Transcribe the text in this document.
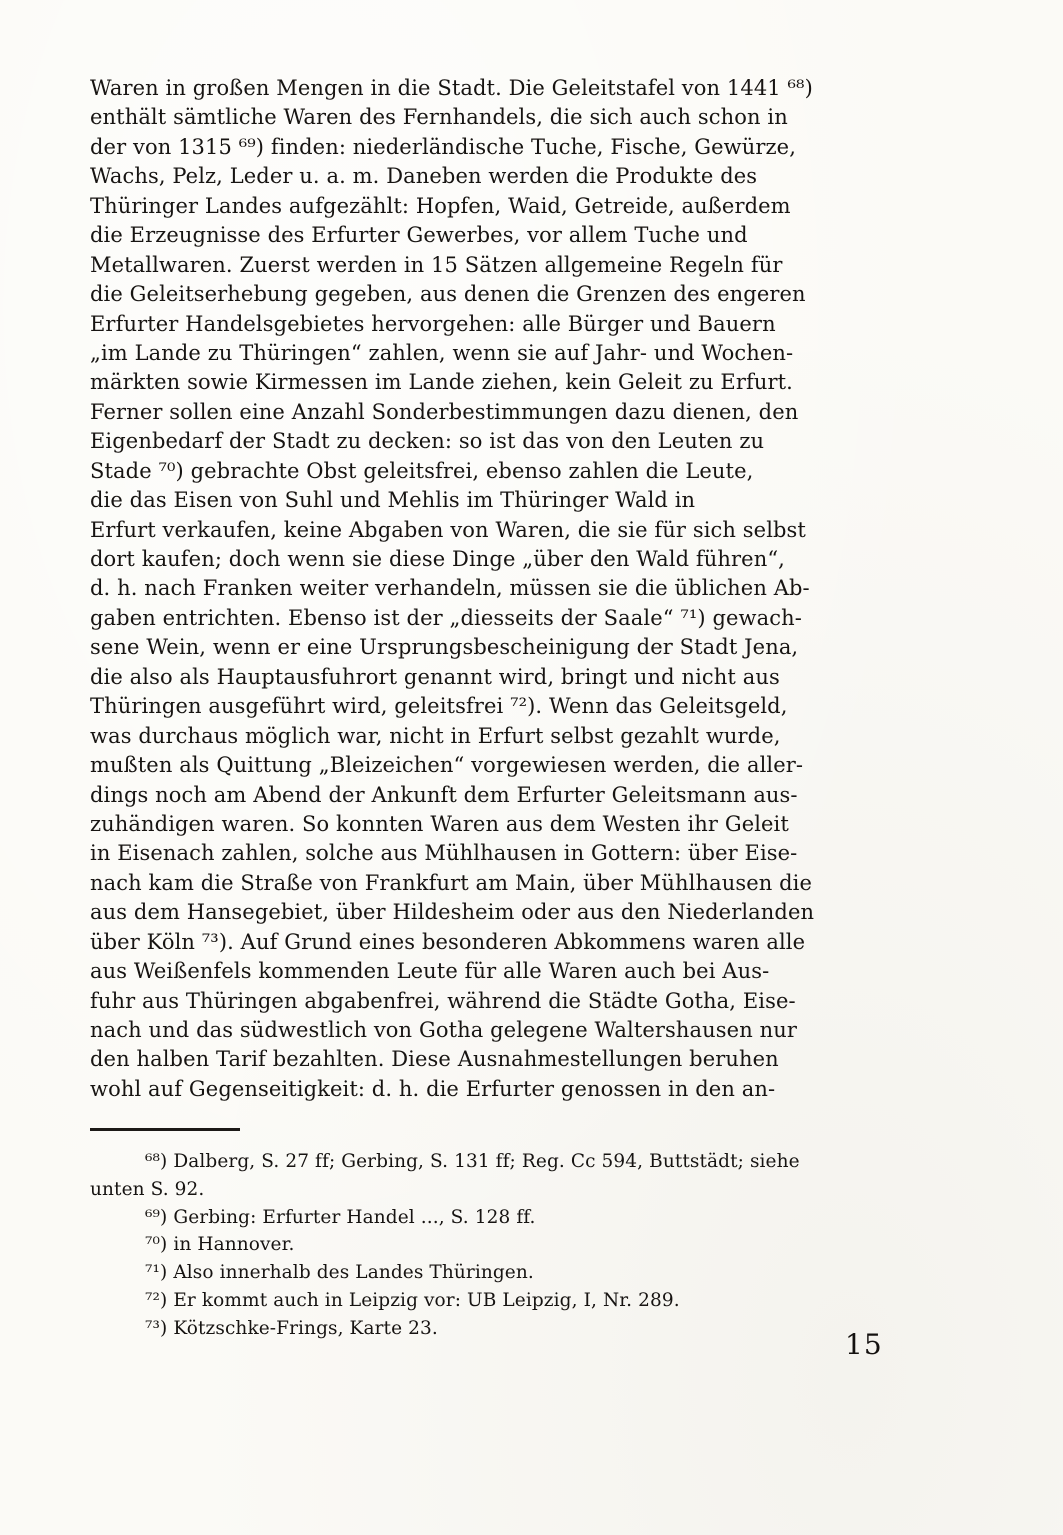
Waren in großen Mengen in die Stadt. Die Geleitstafel von 1441 ⁶⁸)
enthält sämtliche Waren des Fernhandels, die sich auch schon in
der von 1315 ⁶⁹) finden: niederländische Tuche, Fische, Gewürze,
Wachs, Pelz, Leder u. a. m. Daneben werden die Produkte des
Thüringer Landes aufgezählt: Hopfen, Waid, Getreide, außerdem
die Erzeugnisse des Erfurter Gewerbes, vor allem Tuche und
Metallwaren. Zuerst werden in 15 Sätzen allgemeine Regeln für
die Geleitserhebung gegeben, aus denen die Grenzen des engeren
Erfurter Handelsgebietes hervorgehen: alle Bürger und Bauern
„im Lande zu Thüringen“ zahlen, wenn sie auf Jahr- und Wochen-
märkten sowie Kirmessen im Lande ziehen, kein Geleit zu Erfurt.
Ferner sollen eine Anzahl Sonderbestimmungen dazu dienen, den
Eigenbedarf der Stadt zu decken: so ist das von den Leuten zu
Stade ⁷⁰) gebrachte Obst geleitsfrei, ebenso zahlen die Leute,
die das Eisen von Suhl und Mehlis im Thüringer Wald in
Erfurt verkaufen, keine Abgaben von Waren, die sie für sich selbst
dort kaufen; doch wenn sie diese Dinge „über den Wald führen“,
d. h. nach Franken weiter verhandeln, müssen sie die üblichen Ab-
gaben entrichten. Ebenso ist der „diesseits der Saale“ ⁷¹) gewach-
sene Wein, wenn er eine Ursprungsbescheinigung der Stadt Jena,
die also als Hauptausfuhrort genannt wird, bringt und nicht aus
Thüringen ausgeführt wird, geleitsfrei ⁷²). Wenn das Geleitsgeld,
was durchaus möglich war, nicht in Erfurt selbst gezahlt wurde,
mußten als Quittung „Bleizeichen“ vorgewiesen werden, die aller-
dings noch am Abend der Ankunft dem Erfurter Geleitsmann aus-
zuhändigen waren. So konnten Waren aus dem Westen ihr Geleit
in Eisenach zahlen, solche aus Mühlhausen in Gottern: über Eise-
nach kam die Straße von Frankfurt am Main, über Mühlhausen die
aus dem Hansegebiet, über Hildesheim oder aus den Niederlanden
über Köln ⁷³). Auf Grund eines besonderen Abkommens waren alle
aus Weißenfels kommenden Leute für alle Waren auch bei Aus-
fuhr aus Thüringen abgabenfrei, während die Städte Gotha, Eise-
nach und das südwestlich von Gotha gelegene Waltershausen nur
den halben Tarif bezahlten. Diese Ausnahmestellungen beruhen
wohl auf Gegenseitigkeit: d. h. die Erfurter genossen in den an-
⁶⁸) Dalberg, S. 27 ff; Gerbing, S. 131 ff; Reg. Cc 594, Buttstädt; siehe
unten S. 92.
⁶⁹) Gerbing: Erfurter Handel ..., S. 128 ff.
⁷⁰) in Hannover.
⁷¹) Also innerhalb des Landes Thüringen.
⁷²) Er kommt auch in Leipzig vor: UB Leipzig, I, Nr. 289.
⁷³) Kötzschke-Frings, Karte 23.	15
